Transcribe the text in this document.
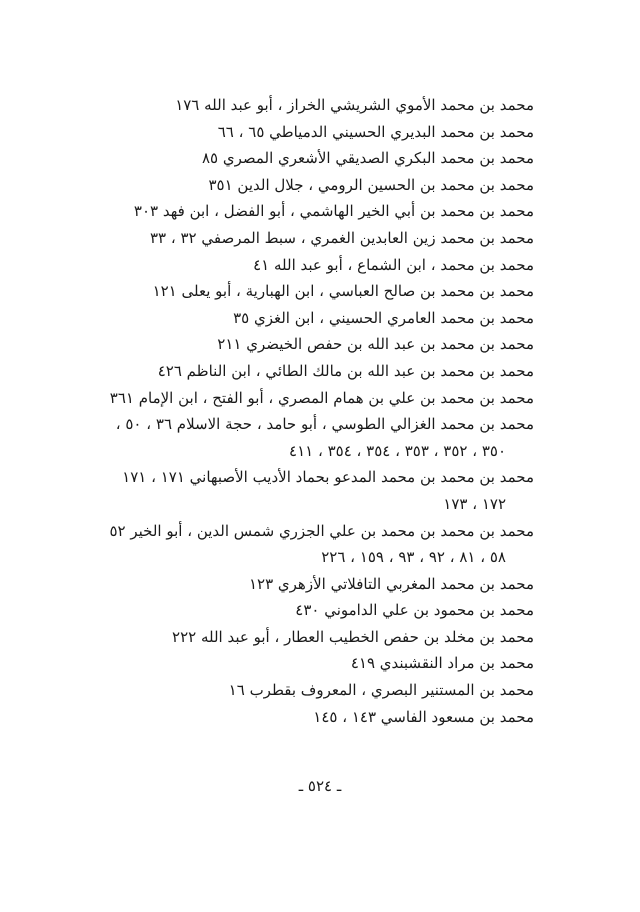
محمد بن محمد الأموي الشريشي الخراز ، أبو عبد الله ١٧٦
محمد بن محمد البديري الحسيني الدمياطي ٦٥ ، ٦٦
محمد بن محمد البكري الصديقي الأشعري المصري ٨٥
محمد بن محمد بن الحسين الرومي ، جلال الدين ٣٥١
محمد بن محمد بن أبي الخير الهاشمي ، أبو الفضل ، ابن فهد ٣٠٣
محمد بن محمد زين العابدين الغمري ، سبط المرصفي ٣٢ ، ٣٣
محمد بن محمد ، ابن الشماع ، أبو عبد الله ٤١
محمد بن محمد بن صالح العباسي ، ابن الهبارية ، أبو يعلى ١٢١
محمد بن محمد العامري الحسيني ، ابن الغزي ٣٥
محمد بن محمد بن عبد الله بن حفص الخيضري ٢١١
محمد بن محمد بن عبد الله بن مالك الطائي ، ابن الناظم ٤٢٦
محمد بن محمد بن علي بن همام المصري ، أبو الفتح ، ابن الإمام ٣٦١
محمد بن محمد الغزالي الطوسي ، أبو حامد ، حجة الاسلام ٣٦ ، ٥٠ ،
٣٥٠ ، ٣٥٢ ، ٣٥٣ ، ٣٥٤ ، ٣٥٤ ، ٤١١
محمد بن محمد بن محمد المدعو بحماد الأديب الأصبهاني ١٧١ ، ١٧١
١٧٢ ، ١٧٣
محمد بن محمد بن محمد بن علي الجزري شمس الدين ، أبو الخير ٥٢
٥٨ ، ٨١ ، ٩٢ ، ٩٣ ، ١٥٩ ، ٢٢٦
محمد بن محمد المغربي التافلاتي الأزهري ١٢٣
محمد بن محمود بن علي الداموني ٤٣٠
محمد بن مخلد بن حفص الخطيب العطار ، أبو عبد الله ٢٢٢
محمد بن مراد النقشبندي ٤١٩
محمد بن المستنير البصري ، المعروف بقطرب ١٦
محمد بن مسعود الفاسي ١٤٣ ، ١٤٥
ـ ٥٢٤ ـ
